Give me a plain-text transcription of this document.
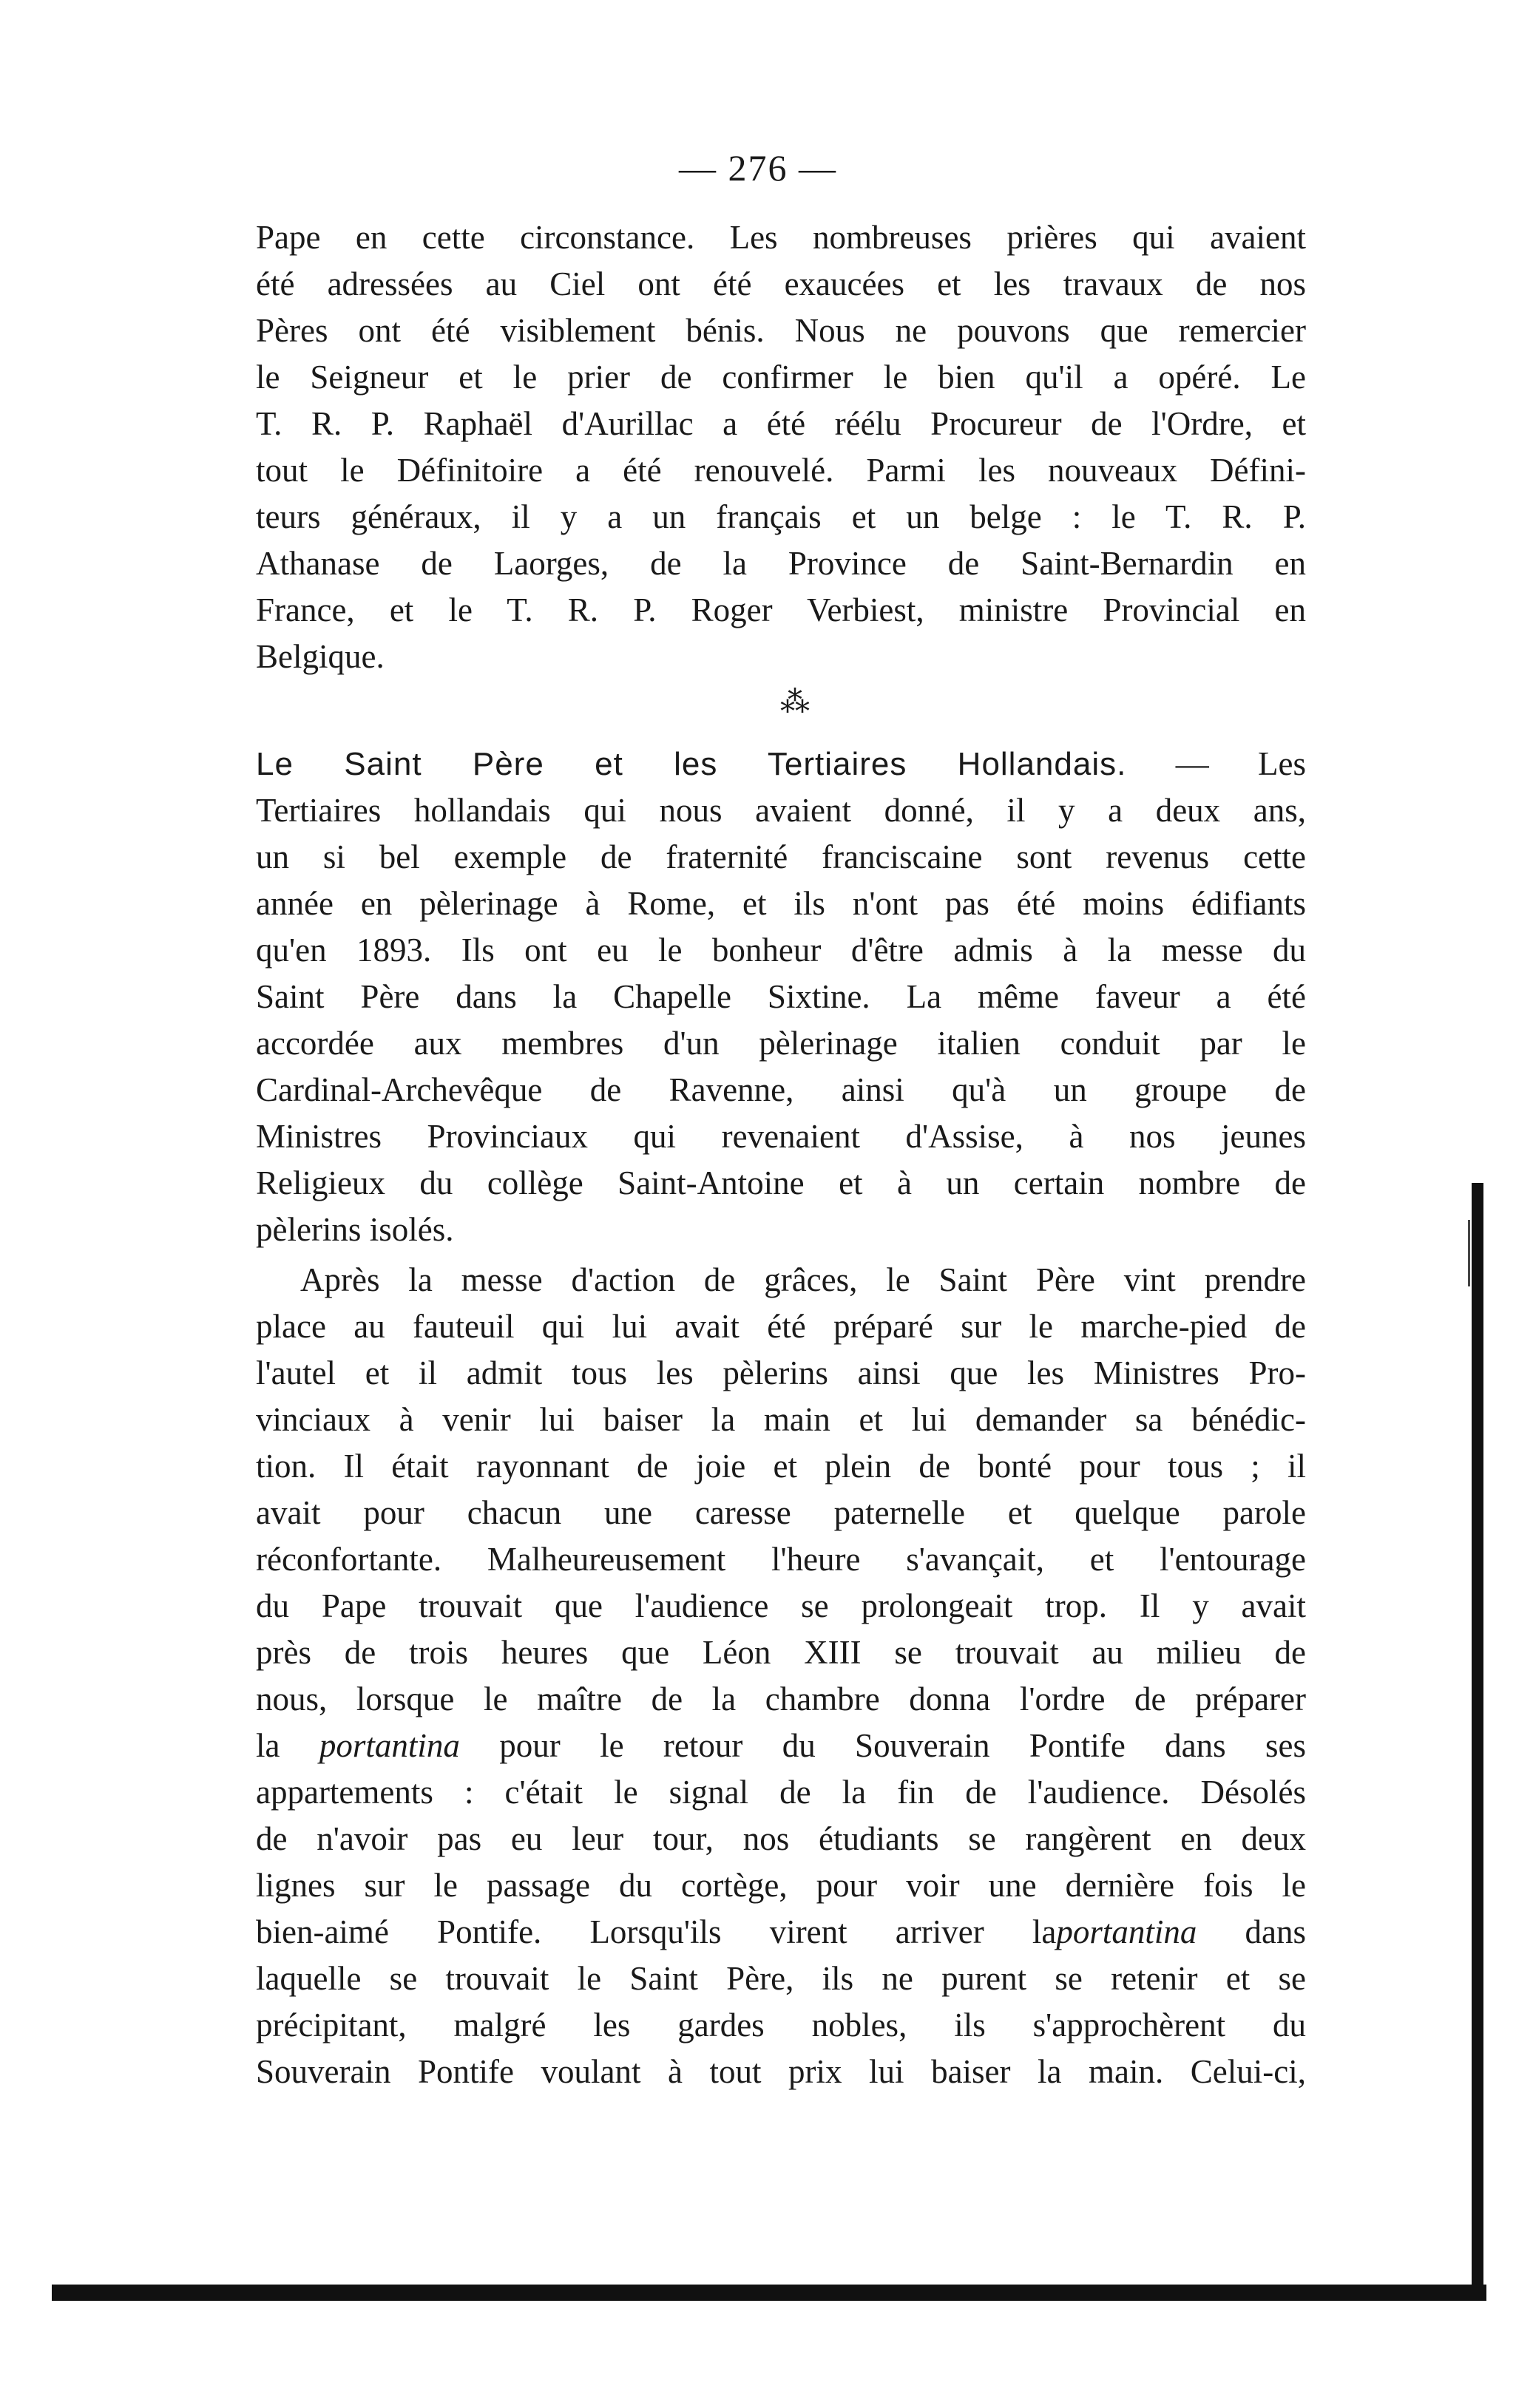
— 276 —
Pape en cette circonstance. Les nombreuses prières qui avaient
été adressées au Ciel ont été exaucées et les travaux de nos
Pères ont été visiblement bénis. Nous ne pouvons que remercier
le Seigneur et le prier de confirmer le bien qu'il a opéré. Le
T. R. P. Raphaël d'Aurillac a été réélu Procureur de l'Ordre, et
tout le Définitoire a été renouvelé. Parmi les nouveaux Défini-
teurs généraux, il y a un français et un belge : le T. R. P.
Athanase de Laorges, de la Province de Saint-Bernardin en
France, et le T. R. P. Roger Verbiest, ministre Provincial en
Belgique.
⁂
Le Saint Père et les Tertiaires Hollandais. — Les
Tertiaires hollandais qui nous avaient donné, il y a deux ans,
un si bel exemple de fraternité franciscaine sont revenus cette
année en pèlerinage à Rome, et ils n'ont pas été moins édifiants
qu'en 1893. Ils ont eu le bonheur d'être admis à la messe du
Saint Père dans la Chapelle Sixtine. La même faveur a été
accordée aux membres d'un pèlerinage italien conduit par le
Cardinal-Archevêque de Ravenne, ainsi qu'à un groupe de
Ministres Provinciaux qui revenaient d'Assise, à nos jeunes
Religieux du collège Saint-Antoine et à un certain nombre de
pèlerins isolés.
Après la messe d'action de grâces, le Saint Père vint prendre
place au fauteuil qui lui avait été préparé sur le marche-pied de
l'autel et il admit tous les pèlerins ainsi que les Ministres Pro-
vinciaux à venir lui baiser la main et lui demander sa bénédic-
tion. Il était rayonnant de joie et plein de bonté pour tous ; il
avait pour chacun une caresse paternelle et quelque parole
réconfortante. Malheureusement l'heure s'avançait, et l'entourage
du Pape trouvait que l'audience se prolongeait trop. Il y avait
près de trois heures que Léon XIII se trouvait au milieu de
nous, lorsque le maître de la chambre donna l'ordre de préparer
la portantina pour le retour du Souverain Pontife dans ses
appartements : c'était le signal de la fin de l'audience. Désolés
de n'avoir pas eu leur tour, nos étudiants se rangèrent en deux
lignes sur le passage du cortège, pour voir une dernière fois le
bien-aimé Pontife. Lorsqu'ils virent arriver laportantina dans
laquelle se trouvait le Saint Père, ils ne purent se retenir et se
précipitant, malgré les gardes nobles, ils s'approchèrent du
Souverain Pontife voulant à tout prix lui baiser la main. Celui-ci,
